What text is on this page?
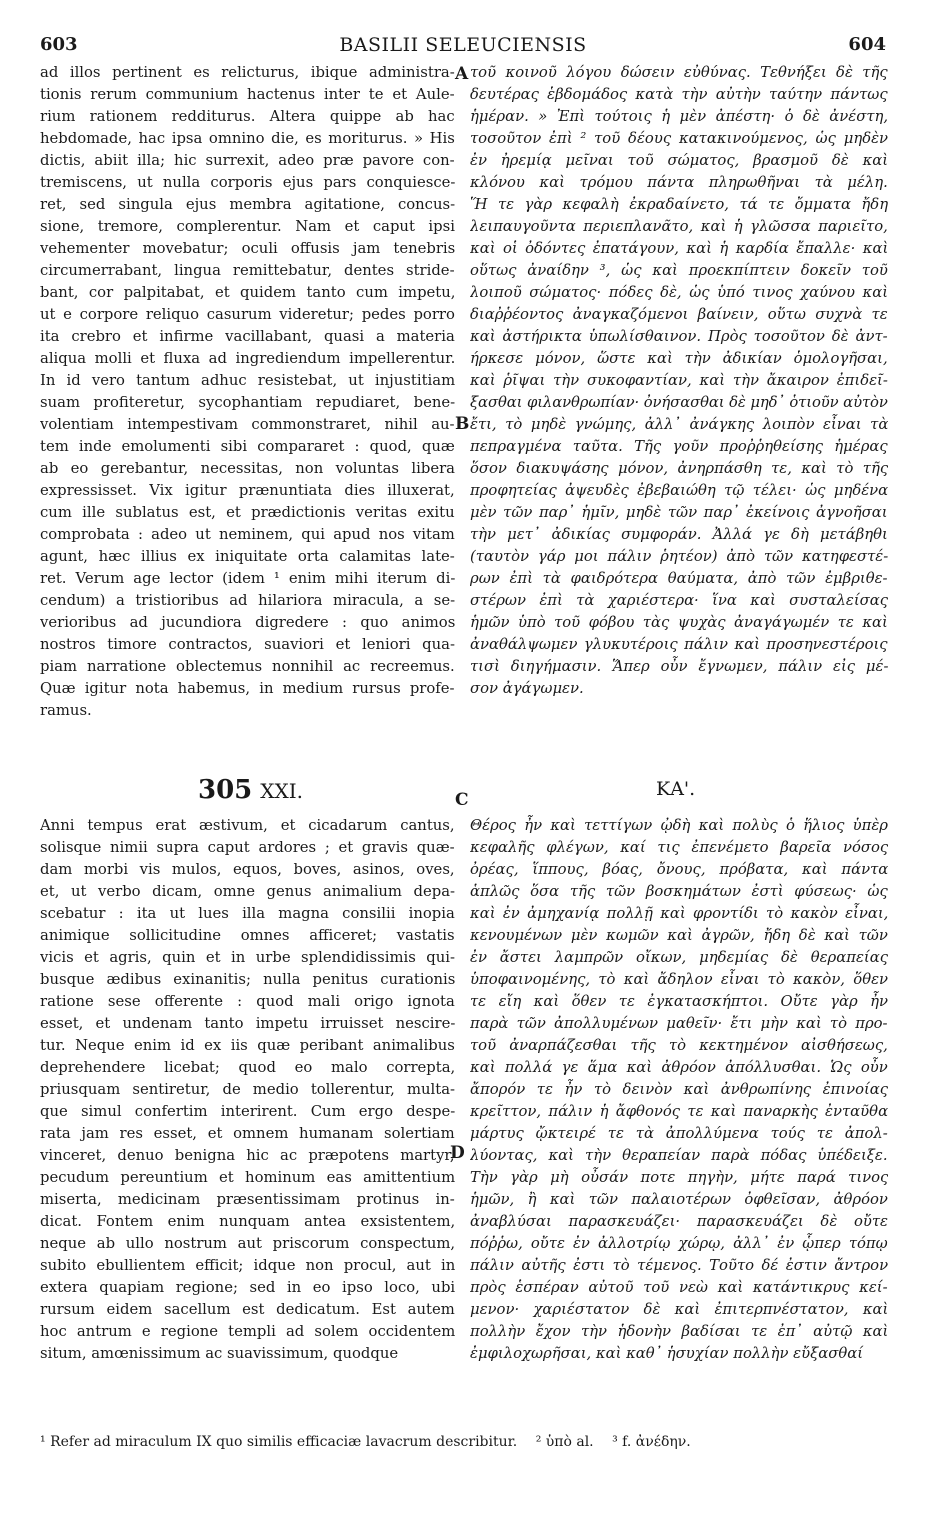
603	BASILII SELEUCIENSIS	604
ad illos pertinent es relicturus, ibique administra-
tionis rerum communium hactenus inter te et Aule-
rium rationem redditurus. Altera quippe ab hac
hebdomade, hac ipsa omnino die, es moriturus. » His
dictis, abiit illa; hic surrexit, adeo præ pavore con-
tremiscens, ut nulla corporis ejus pars conquiesce-
ret, sed singula ejus membra agitatione, concus-
sione, tremore, complerentur. Nam et caput ipsi
vehementer movebatur; oculi offusis jam tenebris
circumerrabant, lingua remittebatur, dentes stride-
bant, cor palpitabat, et quidem tanto cum impetu,
ut e corpore reliquo casurum videretur; pedes porro
ita crebro et infirme vacillabant, quasi a materia
aliqua molli et fluxa ad ingrediendum impellerentur.
In id vero tantum adhuc resistebat, ut injustitiam
suam profiteretur, sycophantiam repudiaret, bene-
volentiam intempestivam commonstraret, nihil au-
tem inde emolumenti sibi compararet : quod, quæ
ab eo gerebantur, necessitas, non voluntas libera
expressisset. Vix igitur prænuntiata dies illuxerat,
cum ille sublatus est, et prædictionis veritas exitu
comprobata : adeo ut neminem, qui apud nos vitam
agunt, hæc illius ex iniquitate orta calamitas late-
ret. Verum age lector (idem ¹ enim mihi iterum di-
cendum) a tristioribus ad hilariora miracula, a se-
verioribus ad jucundiora digredere : quo animos
nostros timore contractos, suaviori et leniori qua-
piam narratione oblectemus nonnihil ac recreemus.
Quæ igitur nota habemus, in medium rursus profe-
ramus.
τοῦ κοινοῦ λόγου δώσειν εὐθύνας. Τεθνήξει δὲ τῆς
δευτέρας ἑβδομάδος κατὰ τὴν αὐτὴν ταύτην πάντως
ἡμέραν. » Ἐπὶ τούτοις ἡ μὲν ἀπέστη· ὁ δὲ ἀνέστη,
τοσοῦτον ἐπὶ ² τοῦ δέους κατακινούμενος, ὡς μηδὲν
ἐν ἠρεμίᾳ μεῖναι τοῦ σώματος, βρασμοῦ δὲ καὶ
κλόνου καὶ τρόμου πάντα πληρωθῆναι τὰ μέλη.
Ἥ τε γὰρ κεφαλὴ ἐκραδαίνετο, τά τε ὄμματα ἤδη
λειπαυγοῦντα περιεπλανᾶτο, καὶ ἡ γλῶσσα παριεῖτο,
καὶ οἱ ὀδόντες ἐπατάγουν, καὶ ἡ καρδία ἔπαλλε· καὶ
οὕτως ἀναίδην ³, ὡς καὶ προεκπίπτειν δοκεῖν τοῦ
λοιποῦ σώματος· πόδες δὲ, ὡς ὑπό τινος χαύνου καὶ
διαῤῥέοντος ἀναγκαζόμενοι βαίνειν, οὕτω συχνὰ τε
καὶ ἀστήρικτα ὑπωλίσθαινον. Πρὸς τοσοῦτον δὲ ἀντ-
ήρκεσε μόνον, ὥστε καὶ τὴν ἀδικίαν ὁμολογῆσαι,
καὶ ῥῖψαι τὴν συκοφαντίαν, καὶ τὴν ἄκαιρον ἐπιδεῖ-
ξασθαι φιλανθρωπίαν· ὀνήσασθαι δὲ μηδ᾽ ὁτιοῦν αὐτὸν
ἔτι, τὸ μηδὲ γνώμης, ἀλλ᾽ ἀνάγκης λοιπὸν εἶναι τὰ
πεπραγμένα ταῦτα. Τῆς γοῦν προῤῥηθείσης ἡμέρας
ὅσον διακυψάσης μόνον, ἀνηρπάσθη τε, καὶ τὸ τῆς
προφητείας ἀψευδὲς ἐβεβαιώθη τῷ τέλει· ὡς μηδένα
μὲν τῶν παρ᾽ ἡμῖν, μηδὲ τῶν παρ᾽ ἐκείνοις ἀγνοῆσαι
τὴν μετ᾽ ἀδικίας συμφοράν. Ἀλλά γε δὴ μετάβηθι
(ταυτὸν γάρ μοι πάλιν ῥητέον) ἀπὸ τῶν κατηφεστέ-
ρων ἐπὶ τὰ φαιδρότερα θαύματα, ἀπὸ τῶν ἐμβριθε-
στέρων ἐπὶ τὰ χαριέστερα· ἵνα καὶ συσταλείσας
ἡμῶν ὑπὸ τοῦ φόβου τὰς ψυχὰς ἀναγάγωμέν τε καὶ
ἀναθάλψωμεν γλυκυτέροις πάλιν καὶ προσηνεστέροις
τισὶ διηγήμασιν. Ἅπερ οὖν ἔγνωμεν, πάλιν εἰς μέ-
σον ἀγάγωμεν.
A
B
C
D
305 XXI.	ΚΑ'.
Anni tempus erat æstivum, et cicadarum cantus,
solisque nimii supra caput ardores ; et gravis quæ-
dam morbi vis mulos, equos, boves, asinos, oves,
et, ut verbo dicam, omne genus animalium depa-
scebatur : ita ut lues illa magna consilii inopia
animique sollicitudine omnes afficeret; vastatis
vicis et agris, quin et in urbe splendidissimis qui-
busque ædibus exinanitis; nulla penitus curationis
ratione sese offerente : quod mali origo ignota
esset, et undenam tanto impetu irruisset nescire-
tur. Neque enim id ex iis quæ peribant animalibus
deprehendere licebat; quod eo malo correpta,
priusquam sentiretur, de medio tollerentur, multa-
que simul confertim interirent. Cum ergo despe-
rata jam res esset, et omnem humanam solertiam
vinceret, denuo benigna hic ac præpotens martyr,
pecudum pereuntium et hominum eas amittentium
miserta, medicinam præsentissimam protinus in-
dicat. Fontem enim nunquam antea exsistentem,
neque ab ullo nostrum aut priscorum conspectum,
subito ebullientem efficit; idque non procul, aut in
extera quapiam regione; sed in eo ipso loco, ubi
rursum eidem sacellum est dedicatum. Est autem
hoc antrum e regione templi ad solem occidentem
situm, amœnissimum ac suavissimum, quodque
Θέρος ἦν καὶ τεττίγων ᾠδὴ καὶ πολὺς ὁ ἥλιος ὑπὲρ
κεφαλῆς φλέγων, καί τις ἐπενέμετο βαρεῖα νόσος
ὀρέας, ἵππους, βόας, ὄνους, πρόβατα, καὶ πάντα
ἁπλῶς ὅσα τῆς τῶν βοσκημάτων ἐστὶ φύσεως· ὡς
καὶ ἐν ἀμηχανίᾳ πολλῇ καὶ φροντίδι τὸ κακὸν εἶναι,
κενουμένων μὲν κωμῶν καὶ ἀγρῶν, ἤδη δὲ καὶ τῶν
ἐν ἄστει λαμπρῶν οἴκων, μηδεμίας δὲ θεραπείας
ὑποφαινομένης, τὸ καὶ ἄδηλον εἶναι τὸ κακὸν, ὅθεν
τε εἴη καὶ ὅθεν τε ἐγκατασκήπτοι. Οὔτε γὰρ ἦν
παρὰ τῶν ἀπολλυμένων μαθεῖν· ἔτι μὴν καὶ τὸ προ-
τοῦ ἀναρπάζεσθαι τῆς τὸ κεκτημένον αἰσθήσεως,
καὶ πολλά γε ἅμα καὶ ἀθρόον ἀπόλλυσθαι. Ὡς οὖν
ἄπορόν τε ἦν τὸ δεινὸν καὶ ἀνθρωπίνης ἐπινοίας
κρεῖττον, πάλιν ἡ ἄφθονός τε καὶ παναρκὴς ἐνταῦθα
μάρτυς ᾤκτειρέ τε τὰ ἀπολλύμενα τούς τε ἀπολ-
λύοντας, καὶ τὴν θεραπείαν παρὰ πόδας ὑπέδειξε.
Τὴν γὰρ μὴ οὖσάν ποτε πηγὴν, μήτε παρά τινος
ἡμῶν, ἢ καὶ τῶν παλαιοτέρων ὀφθεῖσαν, ἀθρόον
ἀναβλύσαι παρασκευάζει· παρασκευάζει δὲ οὔτε
πόῤῥω, οὔτε ἐν ἀλλοτρίῳ χώρῳ, ἀλλ᾽ ἐν ᾧπερ τόπῳ
πάλιν αὐτῆς ἐστι τὸ τέμενος. Τοῦτο δέ ἐστιν ἄντρον
πρὸς ἑσπέραν αὐτοῦ τοῦ νεὼ καὶ κατάντικρυς κεί-
μενον· χαριέστατον δὲ καὶ ἐπιτερπνέστατον, καὶ
πολλὴν ἔχον τὴν ἡδονὴν βαδίσαι τε ἐπ᾽ αὐτῷ καὶ
ἐμφιλοχωρῆσαι, καὶ καθ᾽ ἡσυχίαν πολλὴν εὔξασθαί
¹ Refer ad miraculum IX quo similis efficaciæ lavacrum describitur. ² ὑπὸ al. ³ f. ἀνέδην.
